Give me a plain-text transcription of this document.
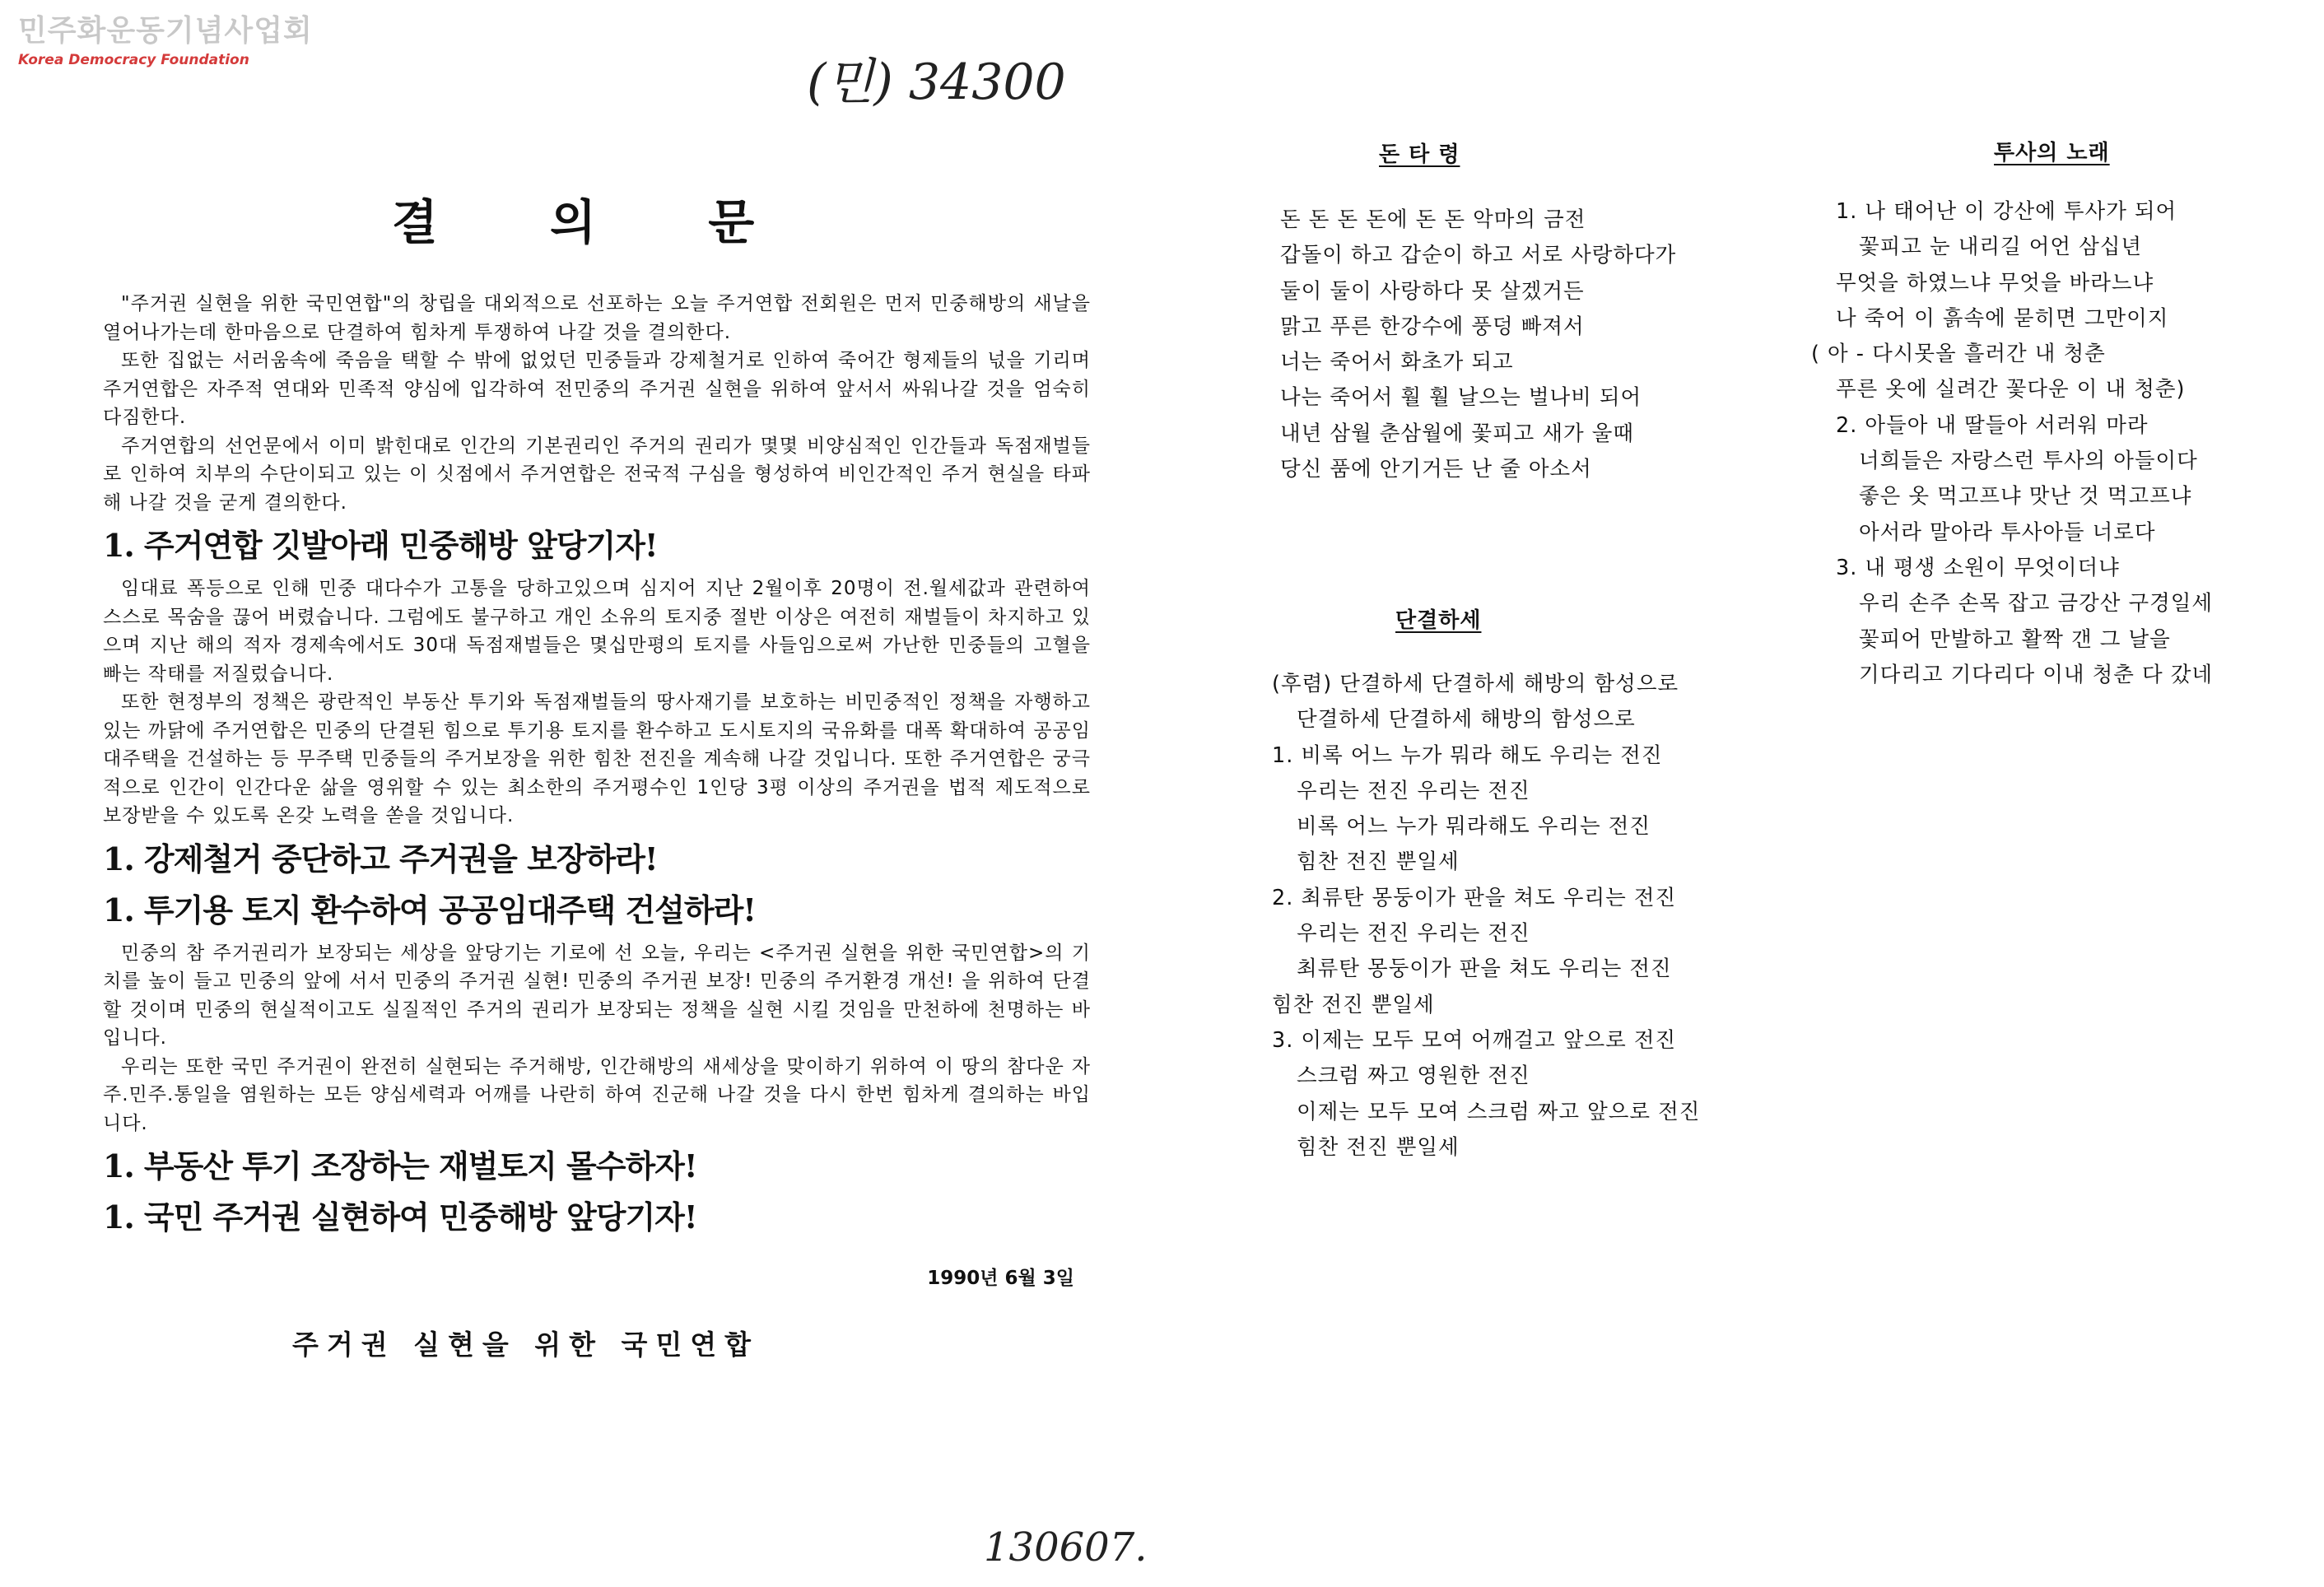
민주화운동기념사업회
Korea Democracy Foundation	(민) 34300
130607.
결 의 문

"주거권 실현을 위한 국민연합"의 창립을 대외적으로 선포하는 오늘 주거연합 전회원은 먼저 민중해방의 새날을 열어나가는데 한마음으로 단결하여 힘차게 투쟁하여 나갈 것을 결의한다.

또한 집없는 서러움속에 죽음을 택할 수 밖에 없었던 민중들과 강제철거로 인하여 죽어간 형제들의 넋을 기리며 주거연합은 자주적 연대와 민족적 양심에 입각하여 전민중의 주거권 실현을 위하여 앞서서 싸워나갈 것을 엄숙히 다짐한다.

주거연합의 선언문에서 이미 밝힌대로 인간의 기본권리인 주거의 권리가 몇몇 비양심적인 인간들과 독점재벌들로 인하여 치부의 수단이되고 있는 이 싯점에서 주거연합은 전국적 구심을 형성하여 비인간적인 주거 현실을 타파해 나갈 것을 굳게 결의한다.

1. 주거연합 깃발아래 민중해방 앞당기자!

임대료 폭등으로 인해 민중 대다수가 고통을 당하고있으며 심지어 지난 2월이후 20명이 전.월세값과 관련하여 스스로 목숨을 끊어 버렸습니다. 그럼에도 불구하고 개인 소유의 토지중 절반 이상은 여전히 재벌들이 차지하고 있으며 지난 해의 적자 경제속에서도 30대 독점재벌들은 몇십만평의 토지를 사들임으로써 가난한 민중들의 고혈을 빠는 작태를 저질렀습니다.

또한 현정부의 정책은 광란적인 부동산 투기와 독점재벌들의 땅사재기를 보호하는 비민중적인 정책을 자행하고 있는 까닭에 주거연합은 민중의 단결된 힘으로 투기용 토지를 환수하고 도시토지의 국유화를 대폭 확대하여 공공임대주택을 건설하는 등 무주택 민중들의 주거보장을 위한 힘찬 전진을 계속해 나갈 것입니다. 또한 주거연합은 궁극적으로 인간이 인간다운 삶을 영위할 수 있는 최소한의 주거평수인 1인당 3평 이상의 주거권을 법적 제도적으로 보장받을 수 있도록 온갖 노력을 쏟을 것입니다.

1. 강제철거 중단하고 주거권을 보장하라!
1. 투기용 토지 환수하여 공공임대주택 건설하라!

민중의 참 주거권리가 보장되는 세상을 앞당기는 기로에 선 오늘, 우리는 <주거권 실현을 위한 국민연합>의 기치를 높이 들고 민중의 앞에 서서 민중의 주거권 실현! 민중의 주거권 보장! 민중의 주거환경 개선! 을 위하여 단결할 것이며 민중의 현실적이고도 실질적인 주거의 권리가 보장되는 정책을 실현 시킬 것임을 만천하에 천명하는 바입니다.

우리는 또한 국민 주거권이 완전히 실현되는 주거해방, 인간해방의 새세상을 맞이하기 위하여 이 땅의 참다운 자주.민주.통일을 염원하는 모든 양심세력과 어깨를 나란히 하여 진군해 나갈 것을 다시 한번 힘차게 결의하는 바입니다.

1. 부동산 투기 조장하는 재벌토지 몰수하자!
1. 국민 주거권 실현하여 민중해방 앞당기자!
1990년 6월 3일
주거권 실현을 위한 국민연합
돈 타 령
돈 돈 돈 돈에 돈 돈 악마의 금전
갑돌이 하고 갑순이 하고 서로 사랑하다가
둘이 둘이 사랑하다 못 살겠거든
맑고 푸른 한강수에 풍덩 빠져서
너는 죽어서 화초가 되고
나는 죽어서 훨 훨 날으는 벌나비 되어
내년 삼월 춘삼월에 꽃피고 새가 울때
당신 품에 안기거든 난 줄 아소서
단결하세
(후렴) 단결하세 단결하세 해방의 함성으로
단결하세 단결하세 해방의 함성으로
1. 비록 어느 누가 뭐라 해도 우리는 전진
우리는 전진 우리는 전진
비록 어느 누가 뭐라해도 우리는 전진
힘찬 전진 뿐일세
2. 최류탄 몽둥이가 판을 쳐도 우리는 전진
우리는 전진 우리는 전진
최류탄 몽둥이가 판을 쳐도 우리는 전진
힘찬 전진 뿐일세
3. 이제는 모두 모여 어깨걸고 앞으로 전진
스크럼 짜고 영원한 전진
이제는 모두 모여 스크럼 짜고 앞으로 전진
힘찬 전진 뿐일세
투사의 노래
1. 나 태어난 이 강산에 투사가 되어
꽃피고 눈 내리길 어언 삼십년
무엇을 하였느냐 무엇을 바라느냐
나 죽어 이 흙속에 묻히면 그만이지
( 아 - 다시못올 흘러간 내 청춘
푸른 옷에 실려간 꽃다운 이 내 청춘)
2. 아들아 내 딸들아 서러워 마라
너희들은 자랑스런 투사의 아들이다
좋은 옷 먹고프냐 맛난 것 먹고프냐
아서라 말아라 투사아들 너로다
3. 내 평생 소원이 무엇이더냐
우리 손주 손목 잡고 금강산 구경일세
꽃피어 만발하고 활짝 갠 그 날을
기다리고 기다리다 이내 청춘 다 갔네
